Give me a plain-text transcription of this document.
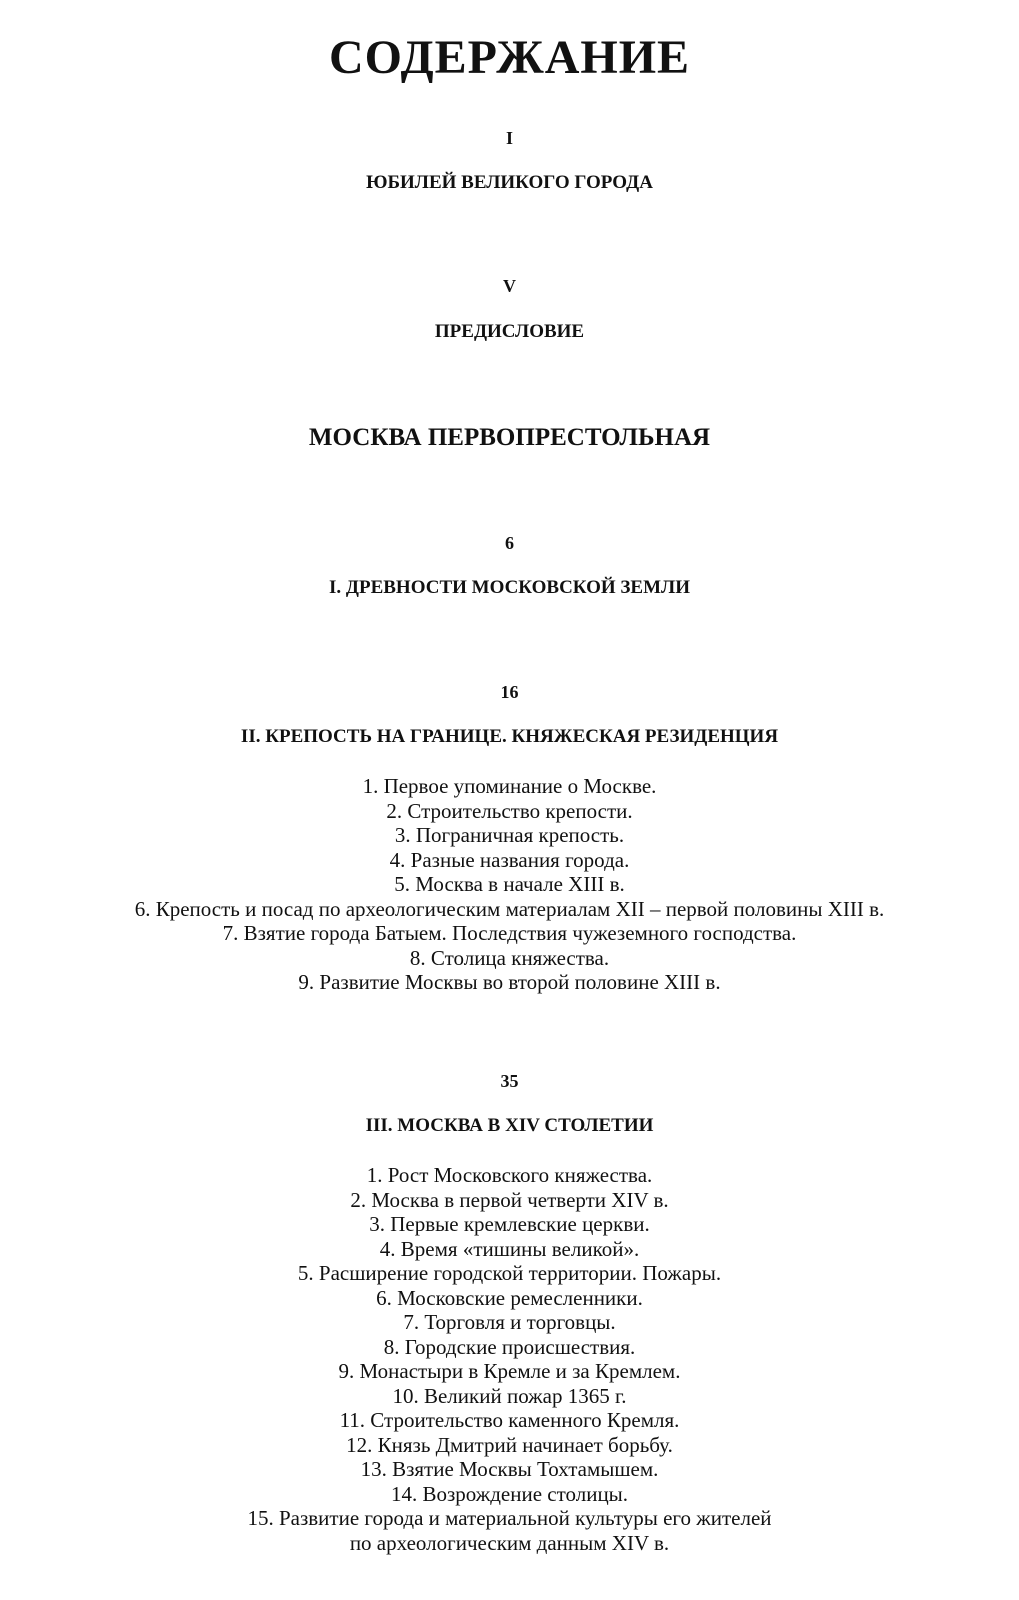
СОДЕРЖАНИЕ
I
ЮБИЛЕЙ ВЕЛИКОГО ГОРОДА
V
ПРЕДИСЛОВИЕ
МОСКВА ПЕРВОПРЕСТОЛЬНАЯ
6
I. ДРЕВНОСТИ МОСКОВСКОЙ ЗЕМЛИ
16
II. КРЕПОСТЬ НА ГРАНИЦЕ. КНЯЖЕСКАЯ РЕЗИДЕНЦИЯ
1. Первое упоминание о Москве.
2. Строительство крепости.
3. Пограничная крепость.
4. Разные названия города.
5. Москва в начале XIII в.
6. Крепость и посад по археологическим материалам XII – первой половины XIII в.
7. Взятие города Батыем. Последствия чужеземного господства.
8. Столица княжества.
9. Развитие Москвы во второй половине XIII в.
35
III. МОСКВА В XIV СТОЛЕТИИ
1. Рост Московского княжества.
2. Москва в первой четверти XIV в.
3. Первые кремлевские церкви.
4. Время «тишины великой».
5. Расширение городской территории. Пожары.
6. Московские ремесленники.
7. Торговля и торговцы.
8. Городские происшествия.
9. Монастыри в Кремле и за Кремлем.
10. Великий пожар 1365 г.
11. Строительство каменного Кремля.
12. Князь Дмитрий начинает борьбу.
13. Взятие Москвы Тохтамышем.
14. Возрождение столицы.
15. Развитие города и материальной культуры его жителей
по археологическим данным XIV в.
